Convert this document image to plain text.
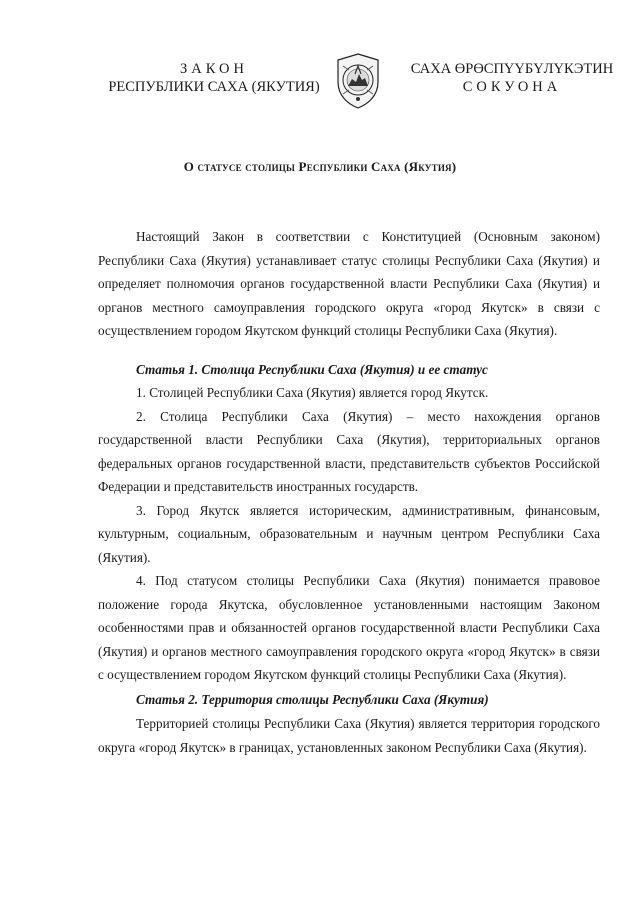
ЗАКОН
РЕСПУБЛИКИ САХА (ЯКУТИЯ)
САХА ӨРӨСПҮҮБҮЛҮКЭТИН
СОКУОНА
О статусе столицы Республики Саха (Якутия)

Настоящий Закон в соответствии с Конституцией (Основным законом) Республики Саха (Якутия) устанавливает статус столицы Республики Саха (Якутия) и определяет полномочия органов государственной власти Республики Саха (Якутия) и органов местного самоуправления городского округа «город Якутск» в связи с осуществлением городом Якутском функций столицы Республики Саха (Якутия).

Статья 1. Столица Республики Саха (Якутия) и ее статус

1. Столицей Республики Саха (Якутия) является город Якутск.

2. Столица Республики Саха (Якутия) – место нахождения органов государственной власти Республики Саха (Якутия), территориальных органов федеральных органов государственной власти, представительств субъектов Российской Федерации и представительств иностранных государств.

3. Город Якутск является историческим, административным, финансовым, культурным, социальным, образовательным и научным центром Республики Саха (Якутия).

4. Под статусом столицы Республики Саха (Якутия) понимается правовое положение города Якутска, обусловленное установленными настоящим Законом особенностями прав и обязанностей органов государственной власти Республики Саха (Якутия) и органов местного самоуправления городского округа «город Якутск» в связи с осуществлением городом Якутском функций столицы Республики Саха (Якутия).

Статья 2. Территория столицы Республики Саха (Якутия)

Территорией столицы Республики Саха (Якутия) является территория городского округа «город Якутск» в границах, установленных законом Республики Саха (Якутия).
